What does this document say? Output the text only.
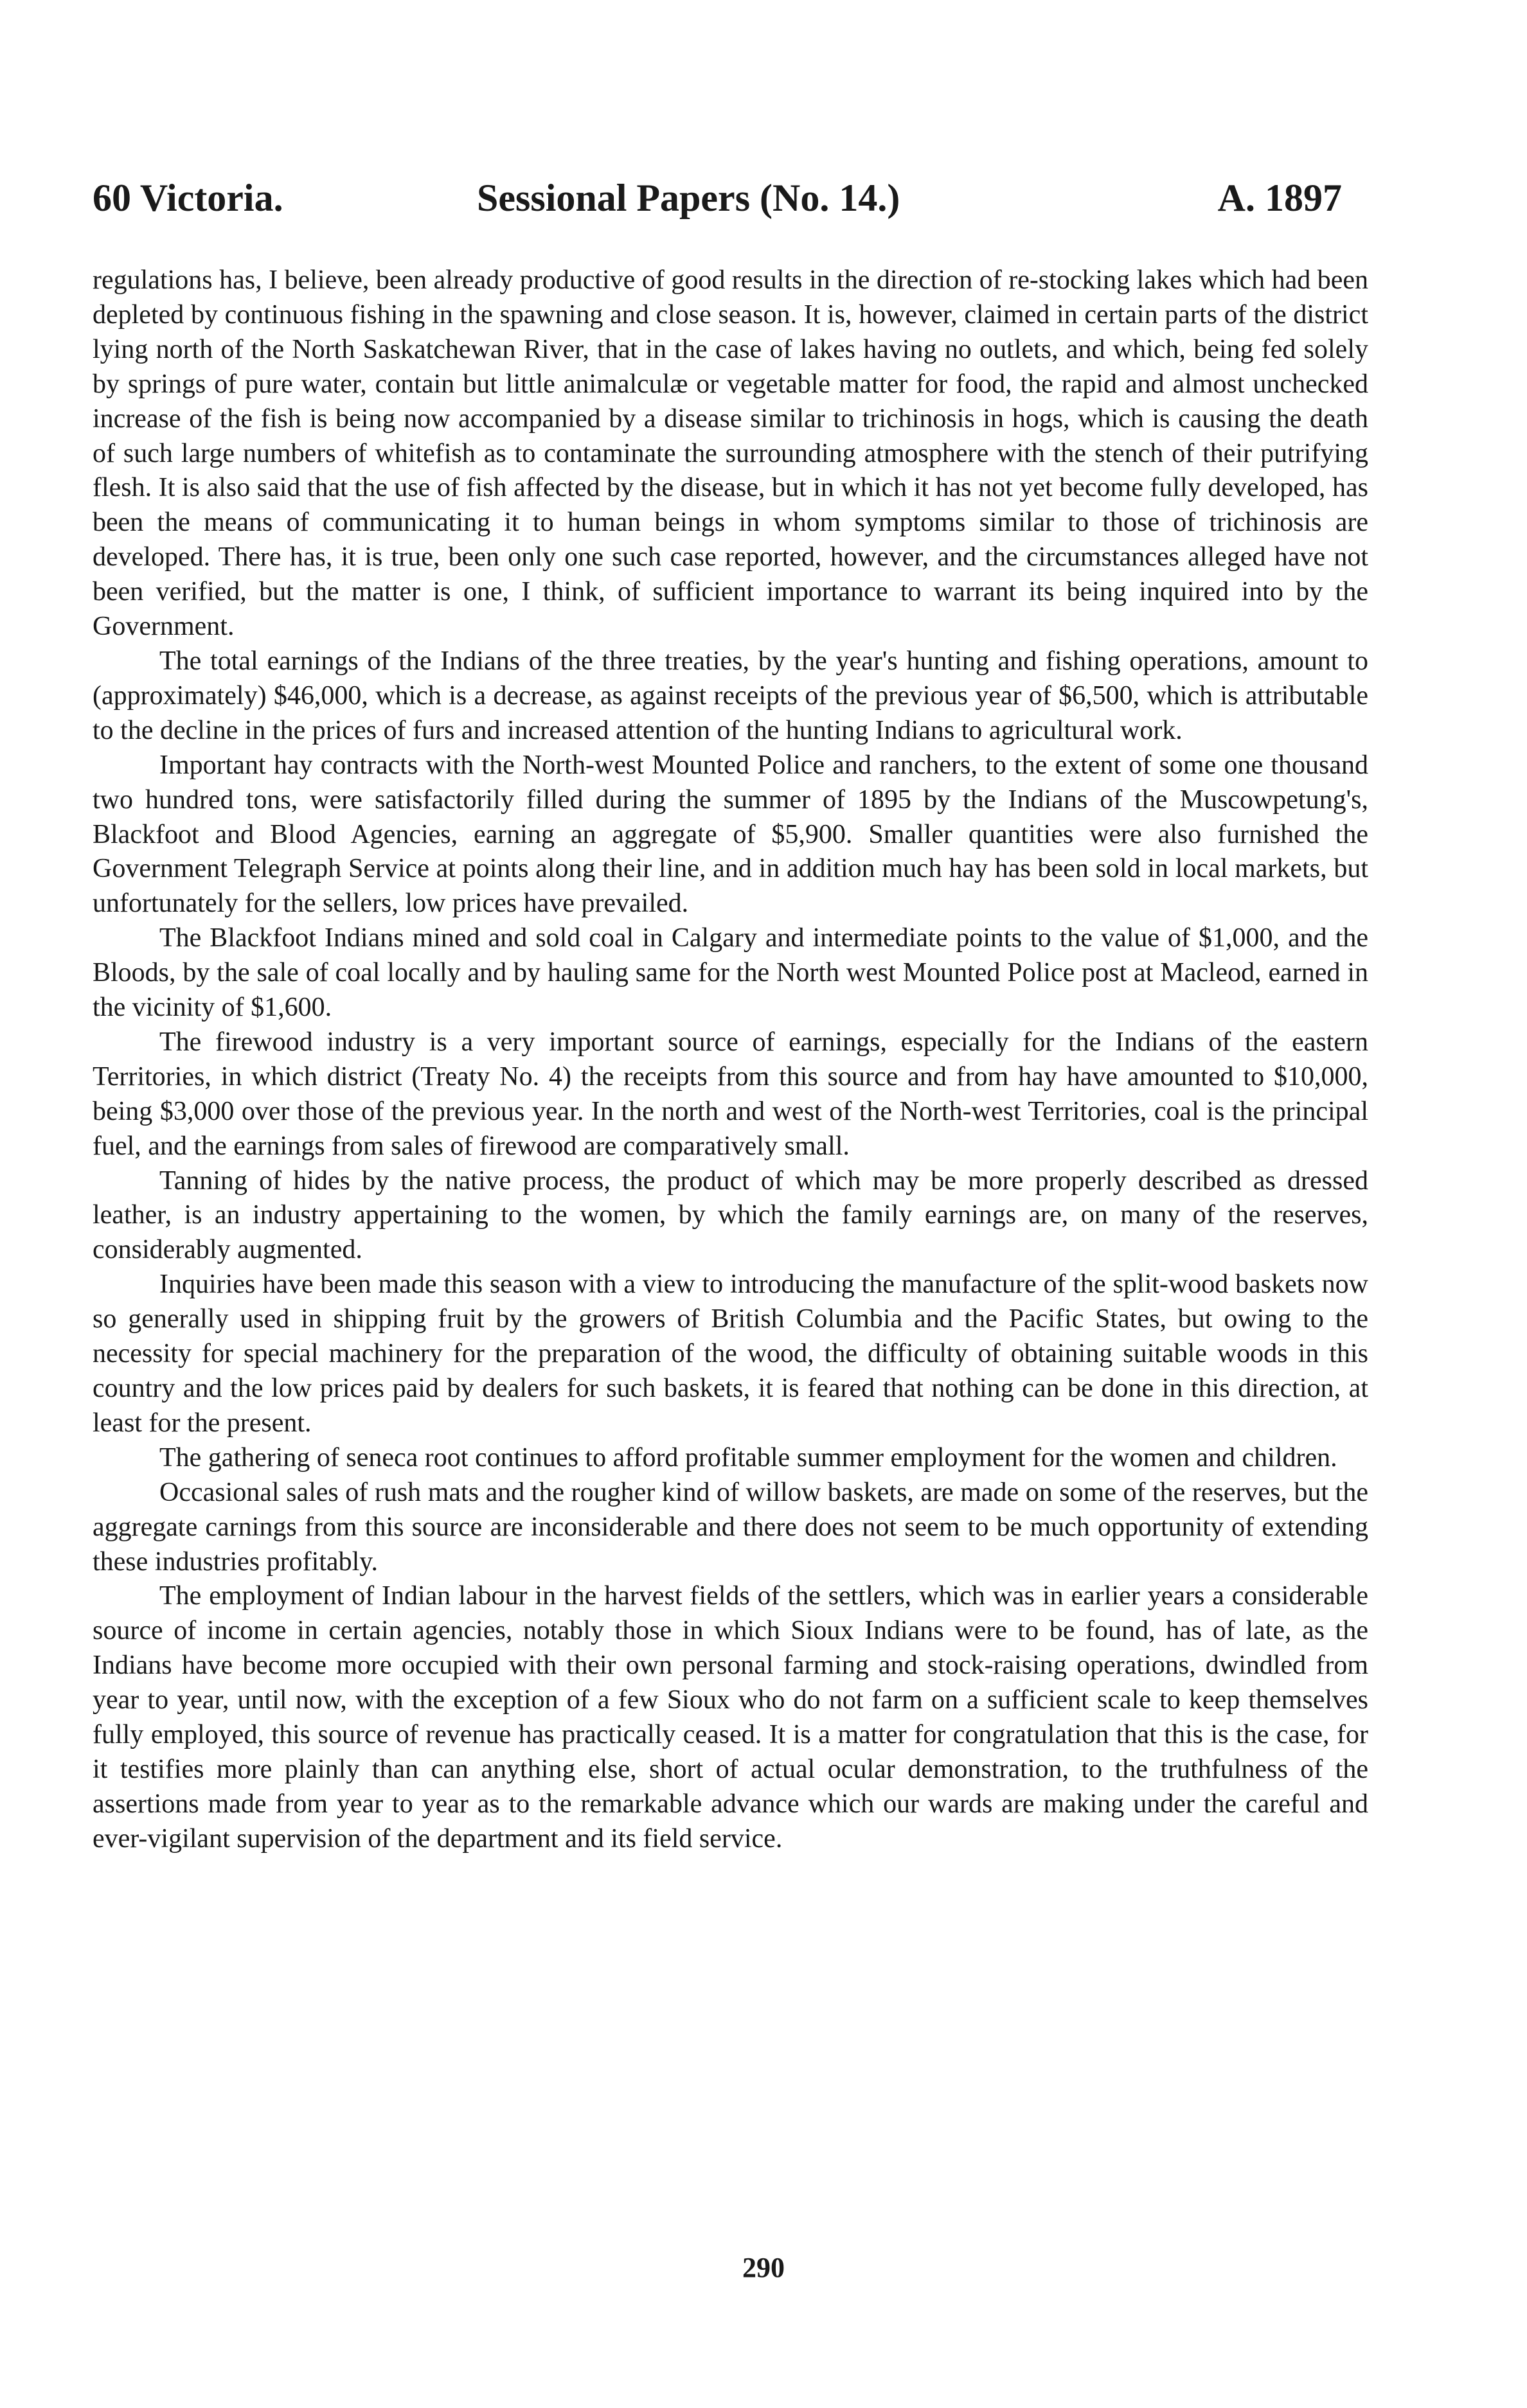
60 Victoria.	Sessional Papers (No. 14.)	A. 1897

regulations has, I believe, been already productive of good results in the direction of re-stocking lakes which had been depleted by continuous fishing in the spawning and close season. It is, however, claimed in certain parts of the district lying north of the North Saskatchewan River, that in the case of lakes having no outlets, and which, being fed solely by springs of pure water, contain but little animalculæ or vegetable matter for food, the rapid and almost unchecked increase of the fish is being now accompanied by a disease similar to trichinosis in hogs, which is causing the death of such large numbers of whitefish as to contaminate the surrounding atmosphere with the stench of their putrifying flesh. It is also said that the use of fish affected by the disease, but in which it has not yet become fully developed, has been the means of communicating it to human beings in whom symptoms similar to those of trichinosis are developed. There has, it is true, been only one such case reported, however, and the circumstances alleged have not been verified, but the matter is one, I think, of sufficient importance to warrant its being inquired into by the Government.

The total earnings of the Indians of the three treaties, by the year's hunting and fishing operations, amount to (approximately) $46,000, which is a decrease, as against receipts of the previous year of $6,500, which is attributable to the decline in the prices of furs and increased attention of the hunting Indians to agricultural work.

Important hay contracts with the North-west Mounted Police and ranchers, to the extent of some one thousand two hundred tons, were satisfactorily filled during the summer of 1895 by the Indians of the Muscowpetung's, Blackfoot and Blood Agencies, earning an aggregate of $5,900. Smaller quantities were also furnished the Government Telegraph Service at points along their line, and in addition much hay has been sold in local markets, but unfortunately for the sellers, low prices have prevailed.

The Blackfoot Indians mined and sold coal in Calgary and intermediate points to the value of $1,000, and the Bloods, by the sale of coal locally and by hauling same for the North west Mounted Police post at Macleod, earned in the vicinity of $1,600.

The firewood industry is a very important source of earnings, especially for the Indians of the eastern Territories, in which district (Treaty No. 4) the receipts from this source and from hay have amounted to $10,000, being $3,000 over those of the previous year. In the north and west of the North-west Territories, coal is the principal fuel, and the earnings from sales of firewood are comparatively small.

Tanning of hides by the native process, the product of which may be more properly described as dressed leather, is an industry appertaining to the women, by which the family earnings are, on many of the reserves, considerably augmented.

Inquiries have been made this season with a view to introducing the manufacture of the split-wood baskets now so generally used in shipping fruit by the growers of British Columbia and the Pacific States, but owing to the necessity for special machinery for the preparation of the wood, the difficulty of obtaining suitable woods in this country and the low prices paid by dealers for such baskets, it is feared that nothing can be done in this direction, at least for the present.

The gathering of seneca root continues to afford profitable summer employment for the women and children.

Occasional sales of rush mats and the rougher kind of willow baskets, are made on some of the reserves, but the aggregate carnings from this source are inconsiderable and there does not seem to be much opportunity of extending these industries profitably.

The employment of Indian labour in the harvest fields of the settlers, which was in earlier years a considerable source of income in certain agencies, notably those in which Sioux Indians were to be found, has of late, as the Indians have become more occupied with their own personal farming and stock-raising operations, dwindled from year to year, until now, with the exception of a few Sioux who do not farm on a sufficient scale to keep themselves fully employed, this source of revenue has practically ceased. It is a matter for congratulation that this is the case, for it testifies more plainly than can anything else, short of actual ocular demonstration, to the truthfulness of the assertions made from year to year as to the remarkable advance which our wards are making under the careful and ever-vigilant supervision of the department and its field service.

290
